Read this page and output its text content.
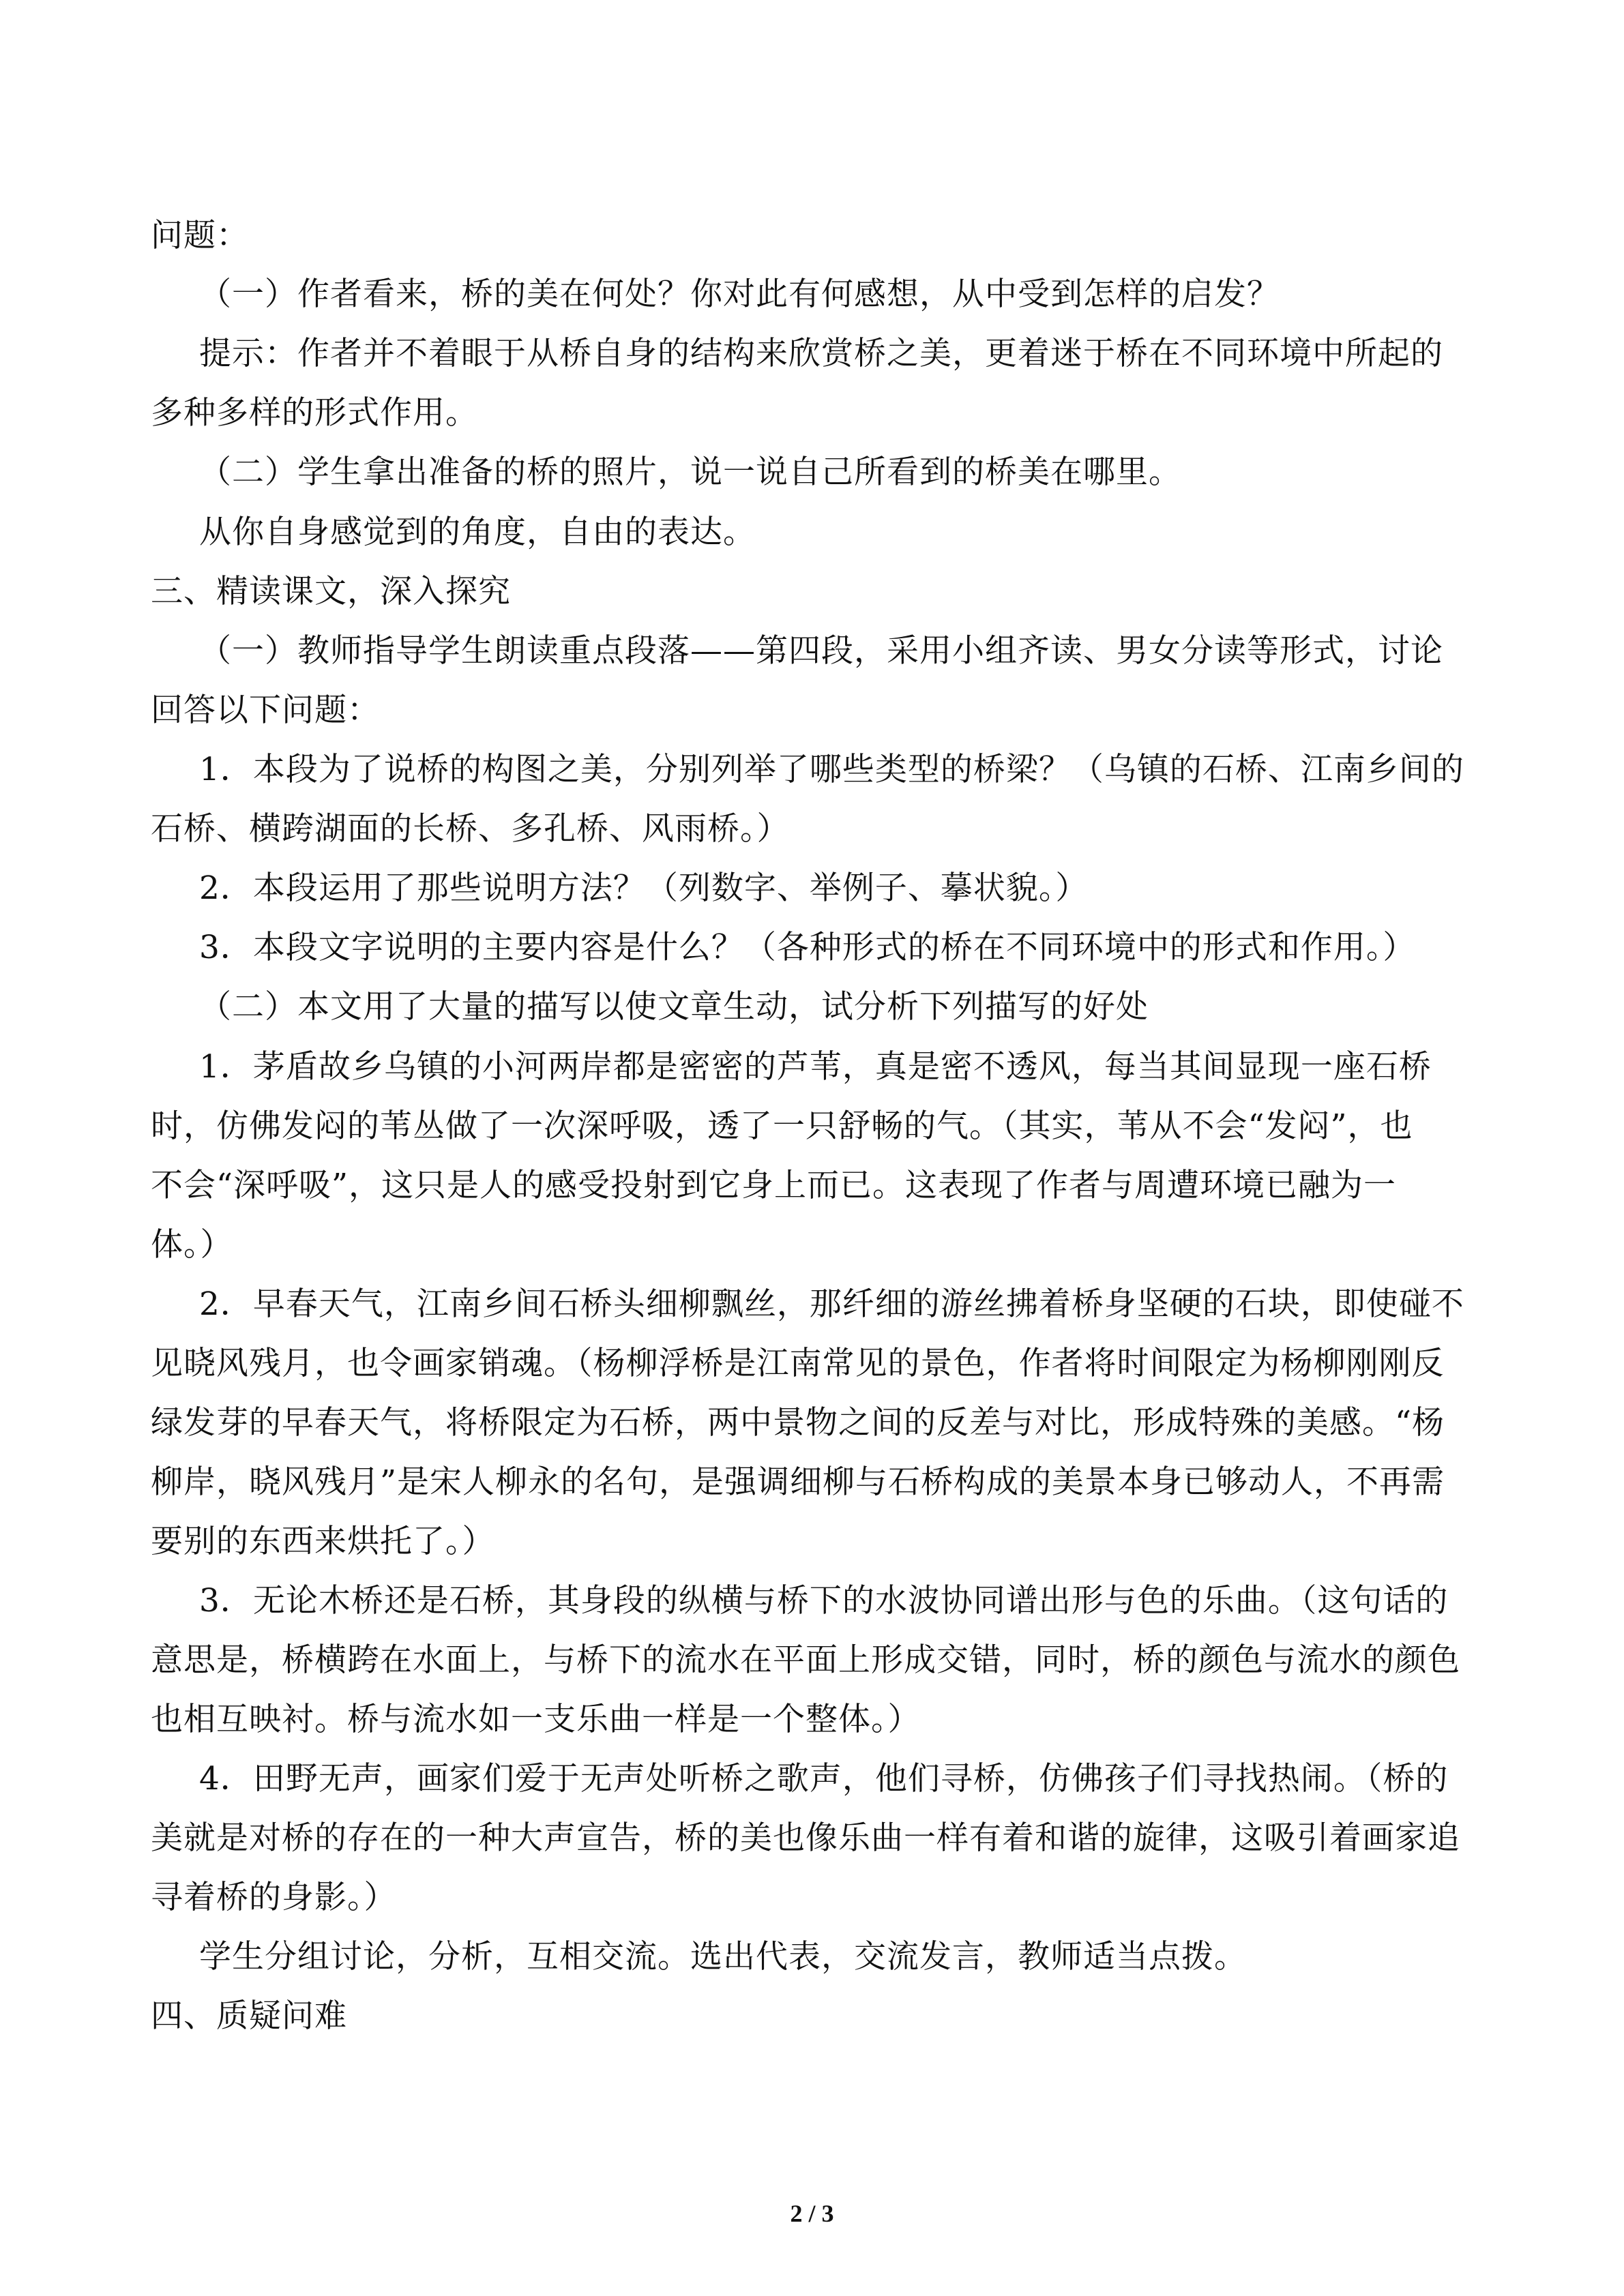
问题：
（一）作者看来，桥的美在何处？你对此有何感想，从中受到怎样的启发？
提示：作者并不着眼于从桥自身的结构来欣赏桥之美，更着迷于桥在不同环境中所起的
多种多样的形式作用。
（二）学生拿出准备的桥的照片，说一说自己所看到的桥美在哪里。
从你自身感觉到的角度，自由的表达。
三、精读课文，深入探究
（一）教师指导学生朗读重点段落——第四段，采用小组齐读、男女分读等形式，讨论
回答以下问题：
1．本段为了说桥的构图之美，分别列举了哪些类型的桥梁？（乌镇的石桥、江南乡间的
石桥、横跨湖面的长桥、多孔桥、风雨桥。）
2．本段运用了那些说明方法？（列数字、举例子、摹状貌。）
3．本段文字说明的主要内容是什么？（各种形式的桥在不同环境中的形式和作用。）
（二）本文用了大量的描写以使文章生动，试分析下列描写的好处
1．茅盾故乡乌镇的小河两岸都是密密的芦苇，真是密不透风，每当其间显现一座石桥
时，仿佛发闷的苇丛做了一次深呼吸，透了一只舒畅的气。（其实，苇从不会“发闷”，也
不会“深呼吸”，这只是人的感受投射到它身上而已。这表现了作者与周遭环境已融为一
体。）
2．早春天气，江南乡间石桥头细柳飘丝，那纤细的游丝拂着桥身坚硬的石块，即使碰不
见晓风残月，也令画家销魂。（杨柳浮桥是江南常见的景色，作者将时间限定为杨柳刚刚反
绿发芽的早春天气，将桥限定为石桥，两中景物之间的反差与对比，形成特殊的美感。“杨
柳岸，晓风残月”是宋人柳永的名句，是强调细柳与石桥构成的美景本身已够动人，不再需
要别的东西来烘托了。）
3．无论木桥还是石桥，其身段的纵横与桥下的水波协同谱出形与色的乐曲。（这句话的
意思是，桥横跨在水面上，与桥下的流水在平面上形成交错，同时，桥的颜色与流水的颜色
也相互映衬。桥与流水如一支乐曲一样是一个整体。）
4．田野无声，画家们爱于无声处听桥之歌声，他们寻桥，仿佛孩子们寻找热闹。（桥的
美就是对桥的存在的一种大声宣告，桥的美也像乐曲一样有着和谐的旋律，这吸引着画家追
寻着桥的身影。）
学生分组讨论，分析，互相交流。选出代表，交流发言，教师适当点拨。
四、质疑问难
2 / 3
